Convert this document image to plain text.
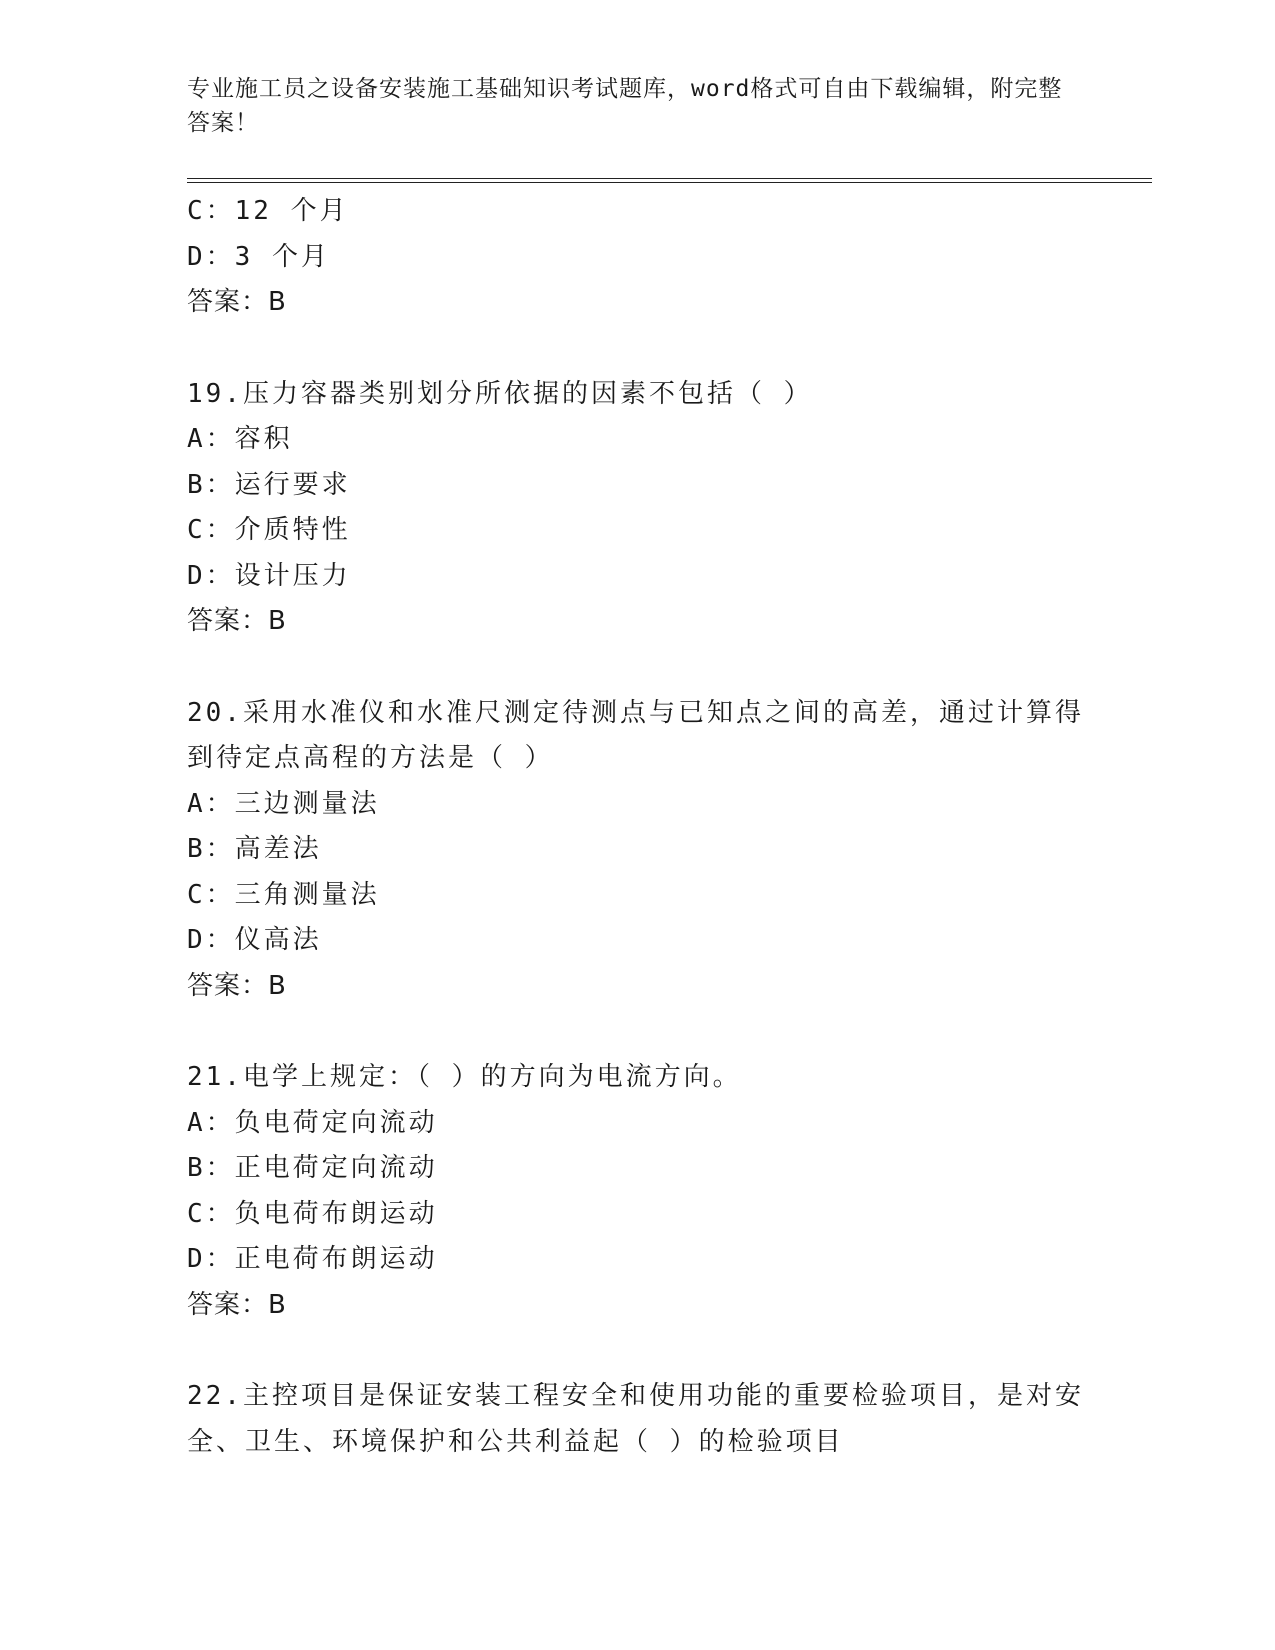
专业施工员之设备安装施工基础知识考试题库，word格式可自由下载编辑，附完整答案！
C：12 个月
D：3 个月
答案：B
19.压力容器类别划分所依据的因素不包括（ ）
A：容积
B：运行要求
C：介质特性
D：设计压力
答案：B
20.采用水准仪和水准尺测定待测点与已知点之间的高差，通过计算得
到待定点高程的方法是（ ）
A：三边测量法
B：高差法
C：三角测量法
D：仪高法
答案：B
21.电学上规定：（ ）的方向为电流方向。
A：负电荷定向流动
B：正电荷定向流动
C：负电荷布朗运动
D：正电荷布朗运动
答案：B
22.主控项目是保证安装工程安全和使用功能的重要检验项目，是对安
全、卫生、环境保护和公共利益起（ ）的检验项目
